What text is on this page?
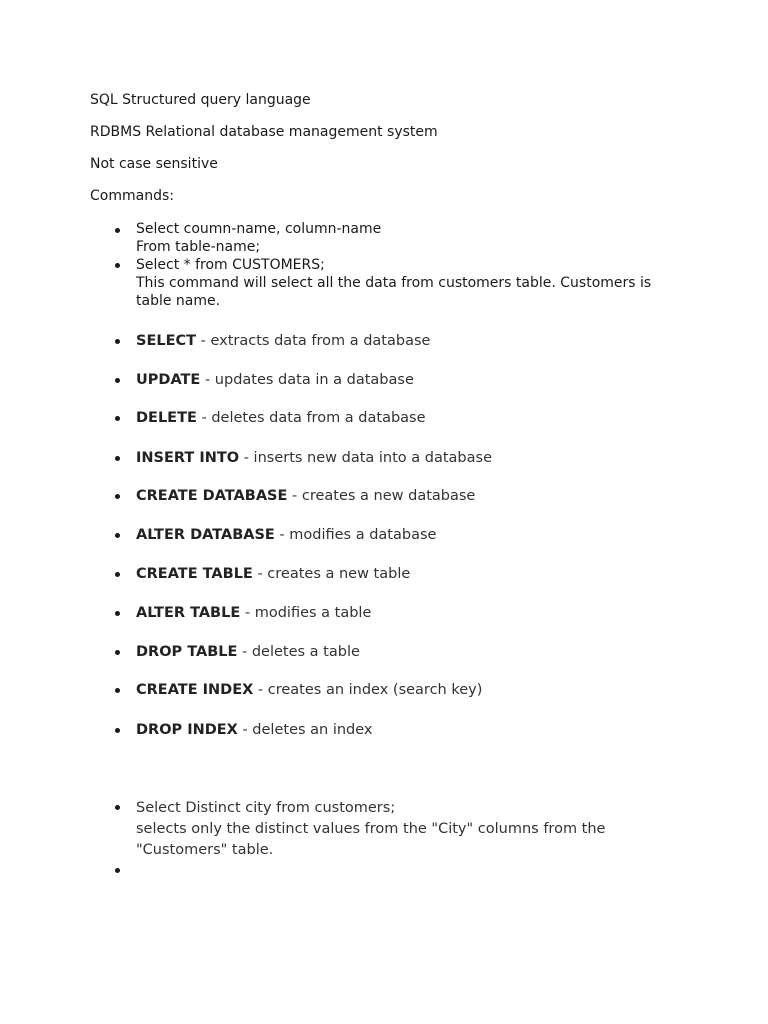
SQL Structured query language

RDBMS Relational database management system

Not case sensitive

Commands:

Select coumn-name, column-name
From table-name;
Select * from CUSTOMERS;
This command will select all the data from customers table. Customers is
table name.
SELECT - extracts data from a database
UPDATE - updates data in a database
DELETE - deletes data from a database
INSERT INTO - inserts new data into a database
CREATE DATABASE - creates a new database
ALTER DATABASE - modifies a database
CREATE TABLE - creates a new table
ALTER TABLE - modifies a table
DROP TABLE - deletes a table
CREATE INDEX - creates an index (search key)
DROP INDEX - deletes an index
Select Distinct city from customers;
selects only the distinct values from the "City" columns from the
"Customers" table.
